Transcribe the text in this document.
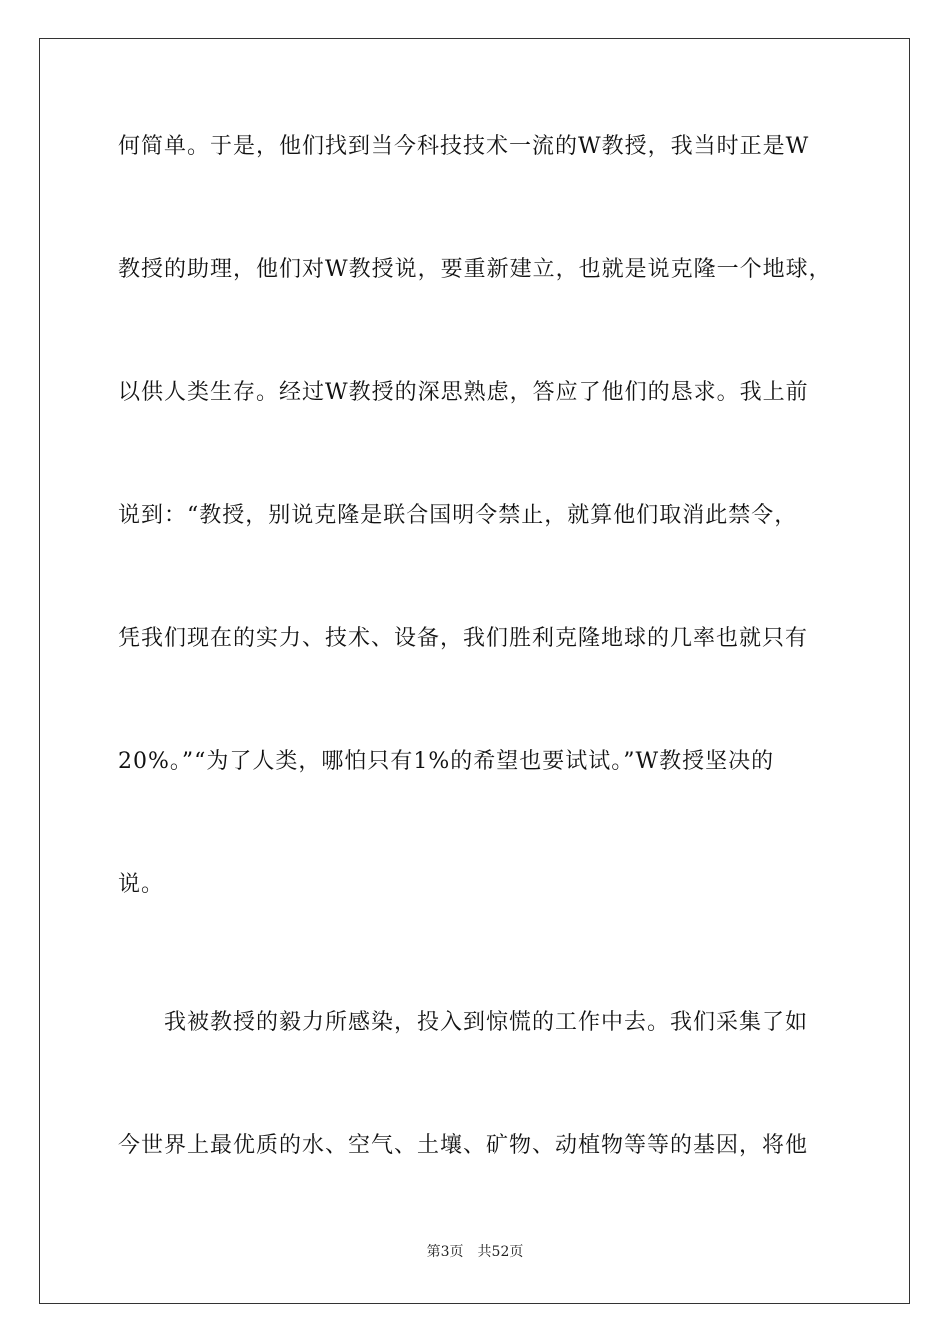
何简单。于是，他们找到当今科技技术一流的W教授，我当时正是W
教授的助理，他们对W教授说，要重新建立，也就是说克隆一个地球，
以供人类生存。经过W教授的深思熟虑，答应了他们的恳求。我上前
说到：“教授，别说克隆是联合国明令禁止，就算他们取消此禁令，
凭我们现在的实力、技术、设备，我们胜利克隆地球的几率也就只有
20%。”“为了人类，哪怕只有1%的希望也要试试。”W教授坚决的
说。
　　我被教授的毅力所感染，投入到惊慌的工作中去。我们采集了如
今世界上最优质的水、空气、土壤、矿物、动植物等等的基因，将他
第3页 共52页
